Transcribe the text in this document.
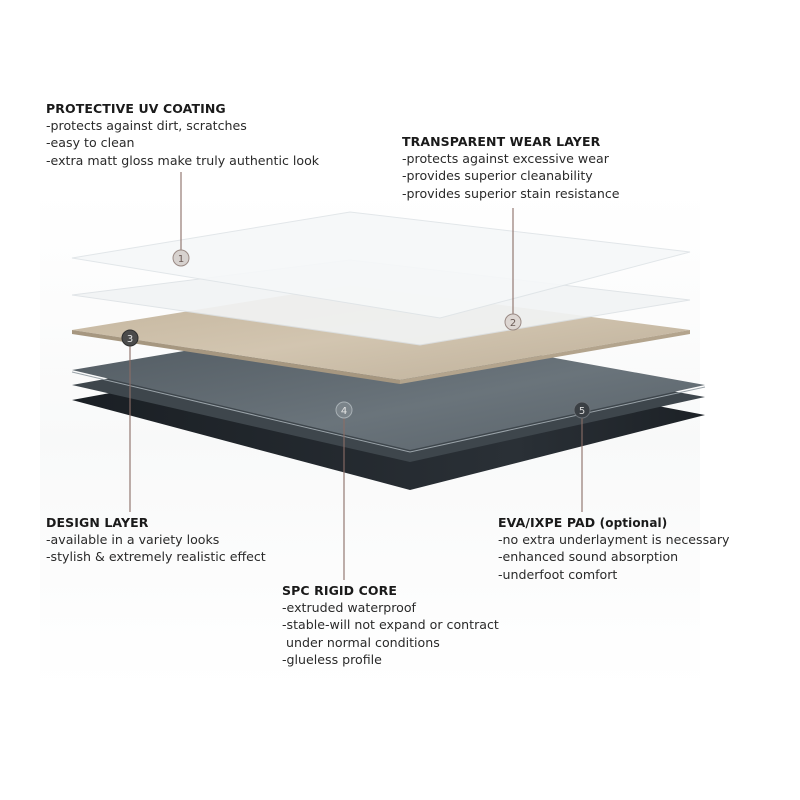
1
2
3
4	5
PROTECTIVE UV COATING
-protects against dirt, scratches
-easy to clean
-extra matt gloss make truly authentic look
TRANSPARENT WEAR LAYER
-protects against excessive wear
-provides superior cleanability
-provides superior stain resistance
DESIGN LAYER
-available in a variety looks
-stylish & extremely realistic effect
EVA/IXPE PAD (optional)
-no extra underlayment is necessary
-enhanced sound absorption
-underfoot comfort
SPC RIGID CORE
-extruded waterproof
-stable-will not expand or contract
under normal conditions
-glueless profile
